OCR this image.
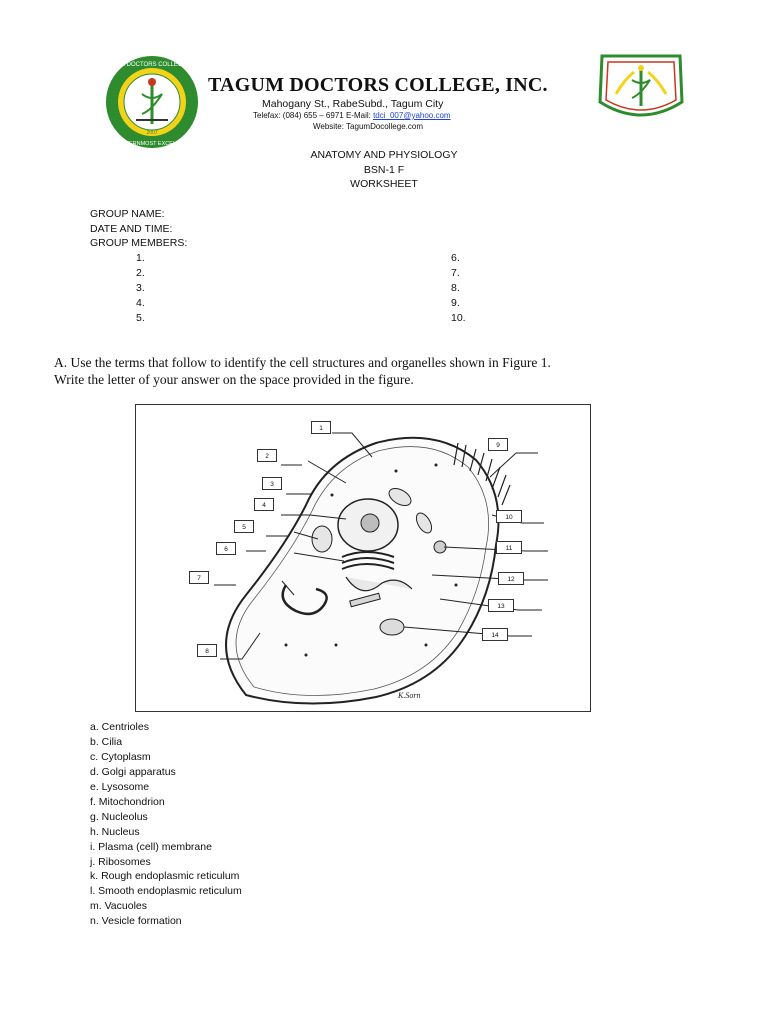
TAGUM DOCTORS COLLEGE INC.
SOUTHERNMOST EXCELLENCE
2007
TAGUM DOCTORS COLLEGE, INC.
Mahogany St., RabeSubd., Tagum City
Telefax: (084) 655 – 6971 E-Mail: tdci_007@yahoo.com
Website: TagumDocollege.com
ANATOMY AND PHYSIOLOGY
BSN-1 F
WORKSHEET
GROUP NAME:
DATE AND TIME:
GROUP MEMBERS:
1.
2.
3.
4.
5.
6.
7.
8.
9.
10.
A. Use the terms that follow to identify the cell structures and organelles shown in Figure 1.
Write the letter of your answer on the space provided in the figure.
K.Sorn
1
2
3
4
5
6
7
8
9
10
11
12
13
14
a. Centrioles
b. Cilia
c. Cytoplasm
d. Golgi apparatus
e. Lysosome
f. Mitochondrion
g. Nucleolus
h. Nucleus
i. Plasma (cell) membrane
j. Ribosomes
k. Rough endoplasmic reticulum
l. Smooth endoplasmic reticulum
m. Vacuoles
n. Vesicle formation
